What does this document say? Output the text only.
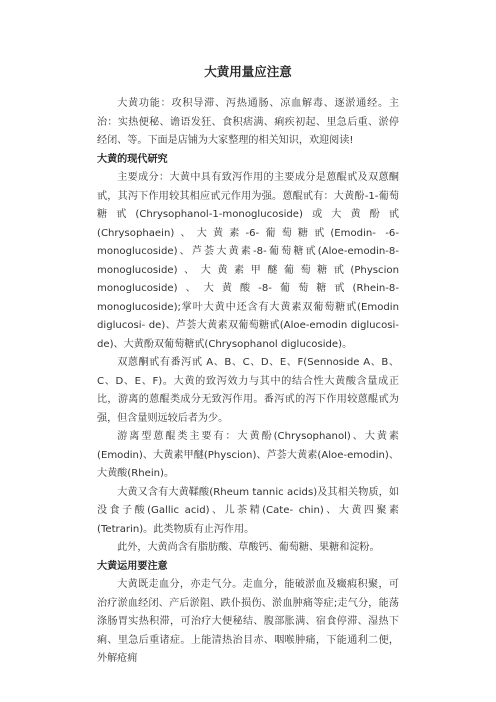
大黄用量应注意

大黄功能：攻积导滞、泻热通肠、凉血解毒、逐淤通经。主治：实热便秘、谵语发狂、食积痞满、痢疾初起、里急后重、淤停经闭、等。下面是店铺为大家整理的相关知识，欢迎阅读!

大黄的现代研究

主要成分：大黄中具有致泻作用的主要成分是蒽醌甙及双蒽酮甙，其泻下作用较其相应甙元作用为强。蒽醌甙有：大黄酚-1-葡萄糖甙(Chrysophanol-1-monoglucoside)或大黄酚甙(Chrysophaein)、大黄素-6-葡萄糖甙(Emodin- -6-monoglucoside)、芦荟大黄素-8-葡萄糖甙(Aloe-emodin-8-monoglucoside)、大黄素甲醚葡萄糖甙(Physcion monoglucoside)、大黄酸-8-葡萄糖甙(Rhein-8-monoglucoside);掌叶大黄中还含有大黄素双葡萄糖甙(Emodin diglucosi- de)、芦荟大黄素双葡萄糖甙(Aloe-emodin diglucosi- de)、大黄酚双葡萄糖甙(Chrysophanol diglucoside)。

双蒽酮甙有番泻甙 A、B、C、D、E、F(Sennoside A、B、C、D、E、F)。大黄的致泻效力与其中的结合性大黄酸含量成正比，游离的蒽醌类成分无致泻作用。番泻甙的泻下作用较蒽醌甙为强，但含量则远较后者为少。

游离型蒽醌类主要有：大黄酚(Chrysophanol)、大黄素(Emodin)、大黄素甲醚(Physcion)、芦荟大黄素(Aloe-emodin)、大黄酸(Rhein)。

大黄又含有大黄鞣酸(Rheum tannic acids)及其相关物质，如没食子酸(Gallic acid)、儿茶精(Cate- chin)、大黄四聚素(Tetrarin)。此类物质有止泻作用。

此外，大黄尚含有脂肪酸、草酸钙、葡萄糖、果糖和淀粉。

大黄运用要注意

大黄既走血分，亦走气分。走血分，能破淤血及癥瘕积聚，可治疗淤血经闭、产后淤阻、跌仆损伤、淤血肿痛等症;走气分，能荡涤肠胃实热积滞，可治疗大便秘结、腹部胀满、宿食停滞、湿热下痢、里急后重诸症。上能清热治目赤、咽喉肿痛，下能通利二便，外解疮痈
